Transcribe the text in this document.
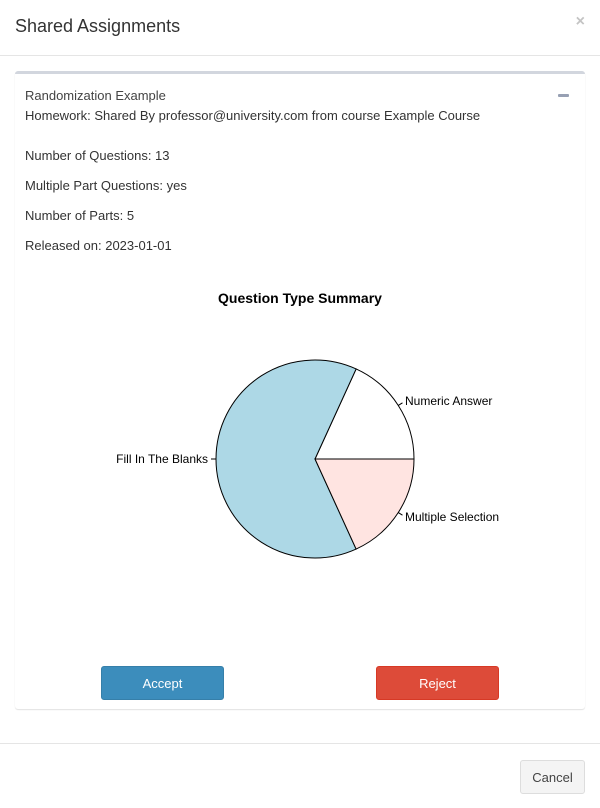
Shared Assignments	×
Randomization Example
Homework: Shared By professor@university.com from course Example Course
Number of Questions: 13
Multiple Part Questions: yes
Number of Parts: 5
Released on: 2023-01-01
Question Type Summary
Numeric Answer
Fill In The Blanks
Multiple Selection
Accept	Reject
Cancel
